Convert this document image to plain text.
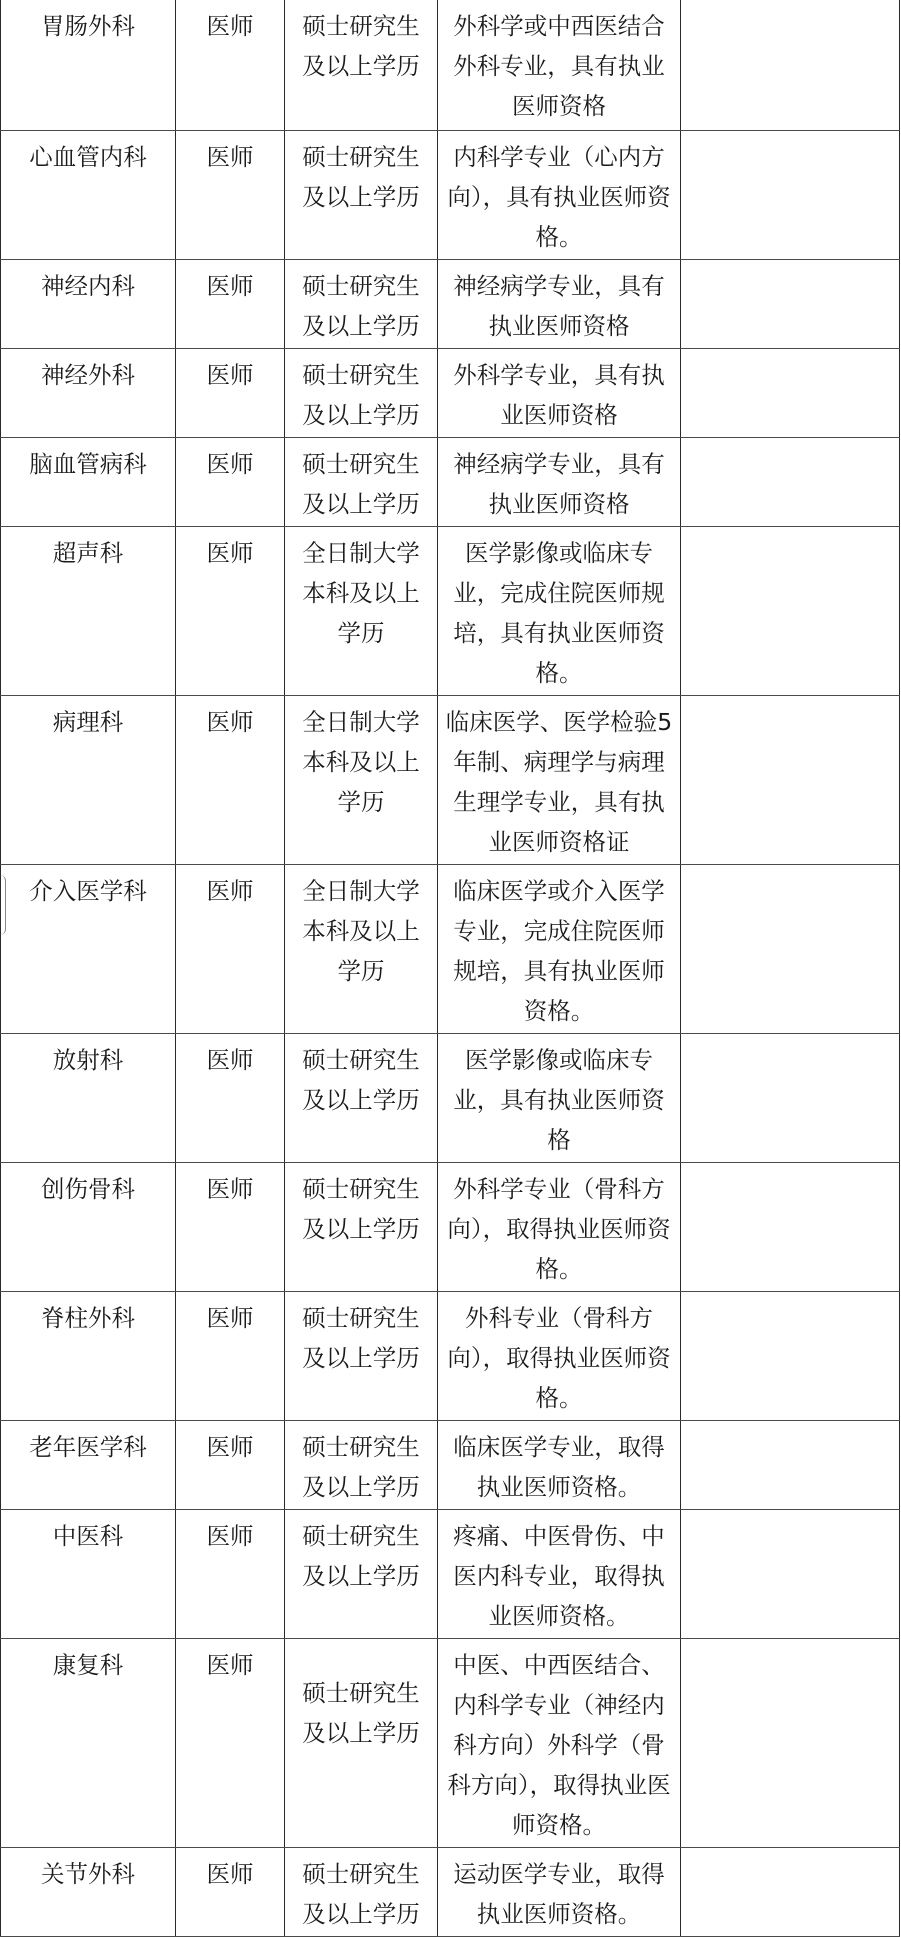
胃肠外科	医师	硕士研究生及以上学历	外科学或中西医结合外科专业，具有执业医师资格	

心血管内科	医师	硕士研究生及以上学历	内科学专业（心内方向），具有执业医师资格。	

神经内科	医师	硕士研究生及以上学历	神经病学专业，具有执业医师资格	

神经外科	医师	硕士研究生及以上学历	外科学专业，具有执业医师资格	

脑血管病科	医师	硕士研究生及以上学历	神经病学专业，具有执业医师资格	

超声科	医师	全日制大学本科及以上学历	医学影像或临床专业，完成住院医师规培，具有执业医师资格。	

病理科	医师	全日制大学本科及以上学历	临床医学、医学检验5年制、病理学与病理生理学专业，具有执业医师资格证	

介入医学科	医师	全日制大学本科及以上学历	临床医学或介入医学专业，完成住院医师规培，具有执业医师资格。	

放射科	医师	硕士研究生及以上学历	医学影像或临床专业，具有执业医师资格	

创伤骨科	医师	硕士研究生及以上学历	外科学专业（骨科方向），取得执业医师资格。	

脊柱外科	医师	硕士研究生及以上学历	外科专业（骨科方向），取得执业医师资格。	

老年医学科	医师	硕士研究生及以上学历	临床医学专业，取得执业医师资格。	

中医科	医师	硕士研究生及以上学历	疼痛、中医骨伤、中医内科专业，取得执业医师资格。	

康复科	医师	硕士研究生及以上学历	中医、中西医结合、内科学专业（神经内科方向）外科学（骨科方向），取得执业医师资格。	

关节外科	医师	硕士研究生及以上学历	运动医学专业，取得执业医师资格。	
